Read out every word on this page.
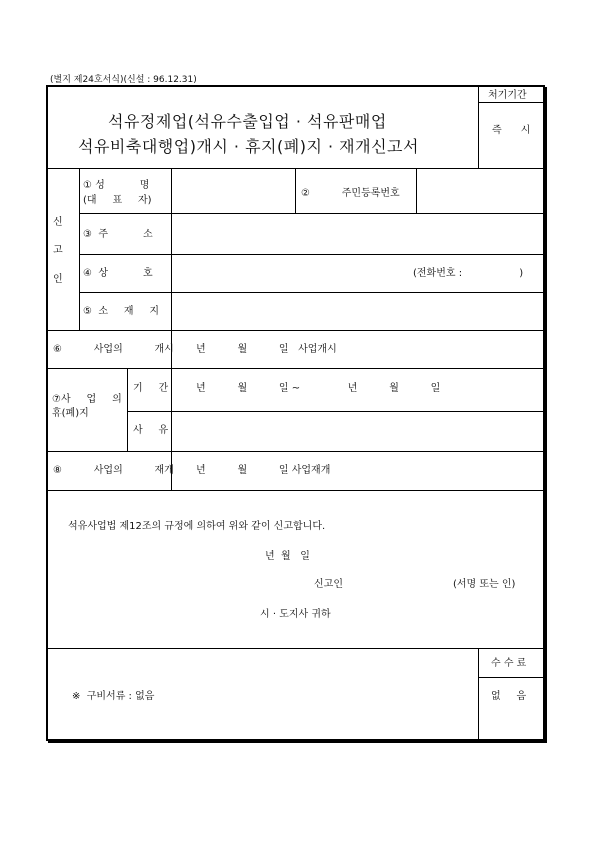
(별지 제24호서식)(신설 : 96.12.31)
석유정제업(석유수출입업 · 석유판매업
석유비축대행업)개시 · 휴지(폐)지 · 재개신고서
처기기간
즉      시
신
고
인
① 성           명
(대     표     자)
②          주민등록번호
③  주           소
④  상           호	(전화번호 :                  )
⑤  소     재     지
⑥          사업의          개시 년          월          일   사업개시
⑦사     업     의
휴(폐)지
기     간	년          월          일 ~               년          월          일
사     유
⑧          사업의          재개 년          월          일 사업재개
석유사업법 제12조의 규정에 의하여 위와 같이 신고합니다.
년  월   일
신고인	(서명 또는 인)
시 · 도지사 귀하
※  구비서류 : 없음
수 수 료
없     음
